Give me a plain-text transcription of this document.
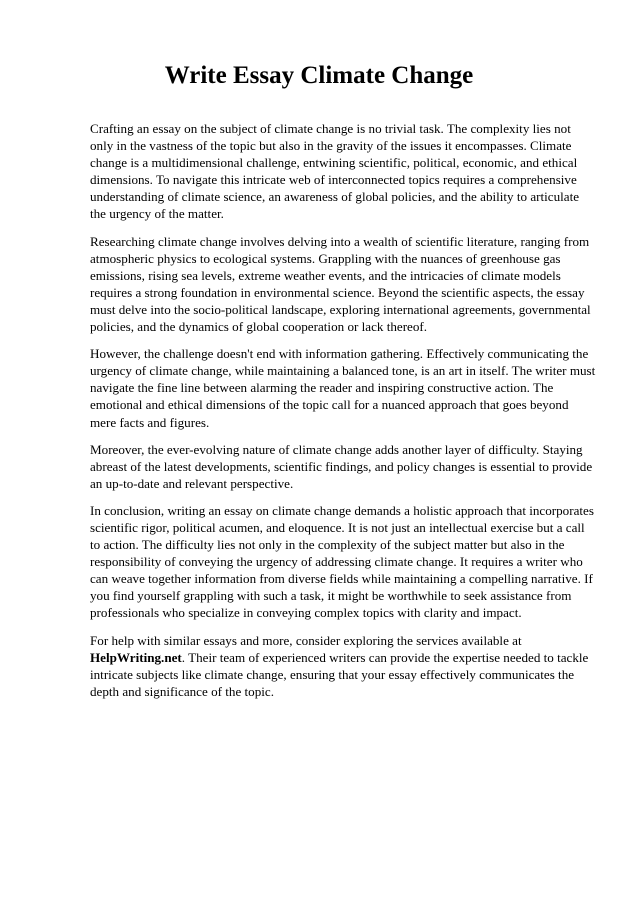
Write Essay Climate Change

Crafting an essay on the subject of climate change is no trivial task. The complexity lies not only in the vastness of the topic but also in the gravity of the issues it encompasses. Climate change is a multidimensional challenge, entwining scientific, political, economic, and ethical dimensions. To navigate this intricate web of interconnected topics requires a comprehensive understanding of climate science, an awareness of global policies, and the ability to articulate the urgency of the matter.

Researching climate change involves delving into a wealth of scientific literature, ranging from atmospheric physics to ecological systems. Grappling with the nuances of greenhouse gas emissions, rising sea levels, extreme weather events, and the intricacies of climate models requires a strong foundation in environmental science. Beyond the scientific aspects, the essay must delve into the socio-political landscape, exploring international agreements, governmental policies, and the dynamics of global cooperation or lack thereof.

However, the challenge doesn't end with information gathering. Effectively communicating the urgency of climate change, while maintaining a balanced tone, is an art in itself. The writer must navigate the fine line between alarming the reader and inspiring constructive action. The emotional and ethical dimensions of the topic call for a nuanced approach that goes beyond mere facts and figures.

Moreover, the ever-evolving nature of climate change adds another layer of difficulty. Staying abreast of the latest developments, scientific findings, and policy changes is essential to provide an up-to-date and relevant perspective.

In conclusion, writing an essay on climate change demands a holistic approach that incorporates scientific rigor, political acumen, and eloquence. It is not just an intellectual exercise but a call to action. The difficulty lies not only in the complexity of the subject matter but also in the responsibility of conveying the urgency of addressing climate change. It requires a writer who can weave together information from diverse fields while maintaining a compelling narrative. If you find yourself grappling with such a task, it might be worthwhile to seek assistance from professionals who specialize in conveying complex topics with clarity and impact.

For help with similar essays and more, consider exploring the services available at HelpWriting.net. Their team of experienced writers can provide the expertise needed to tackle intricate subjects like climate change, ensuring that your essay effectively communicates the depth and significance of the topic.
